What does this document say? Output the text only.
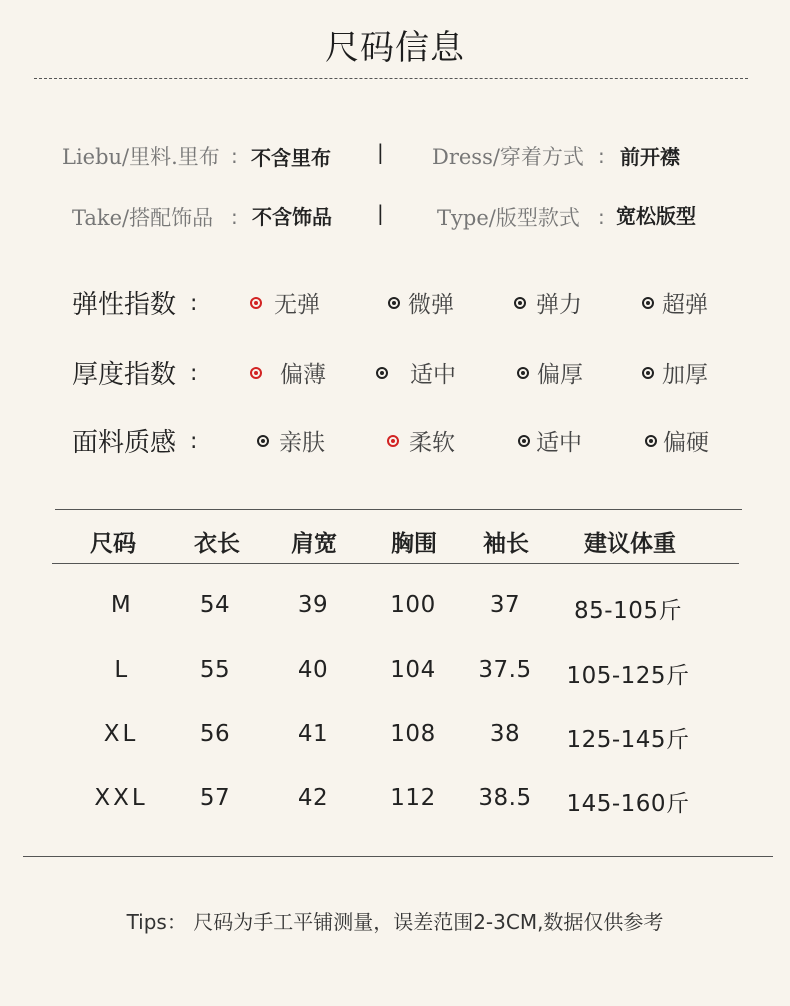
尺码信息
Liebu/里料.里布 : 不含里布 | Dress/穿着方式 : 前开襟
Take/搭配饰品 : 不含饰品 |	Type/版型款式 : 宽松版型
弹性指数 :	无弹	微弹	弹力	超弹
厚度指数 :	偏薄	适中	偏厚	加厚
面料质感 :	亲肤	柔软	适中	偏硬
尺码	衣长 肩宽 胸围 袖长 建议体重
M	54	39	100 37 85-105斤
L	55	40	104 37.5 105-125斤
XL	56	41	108 38 125-145斤
XXL 57	42	112 38.5 145-160斤
Tips： 尺码为手工平铺测量，误差范围2-3CM,数据仅供参考
